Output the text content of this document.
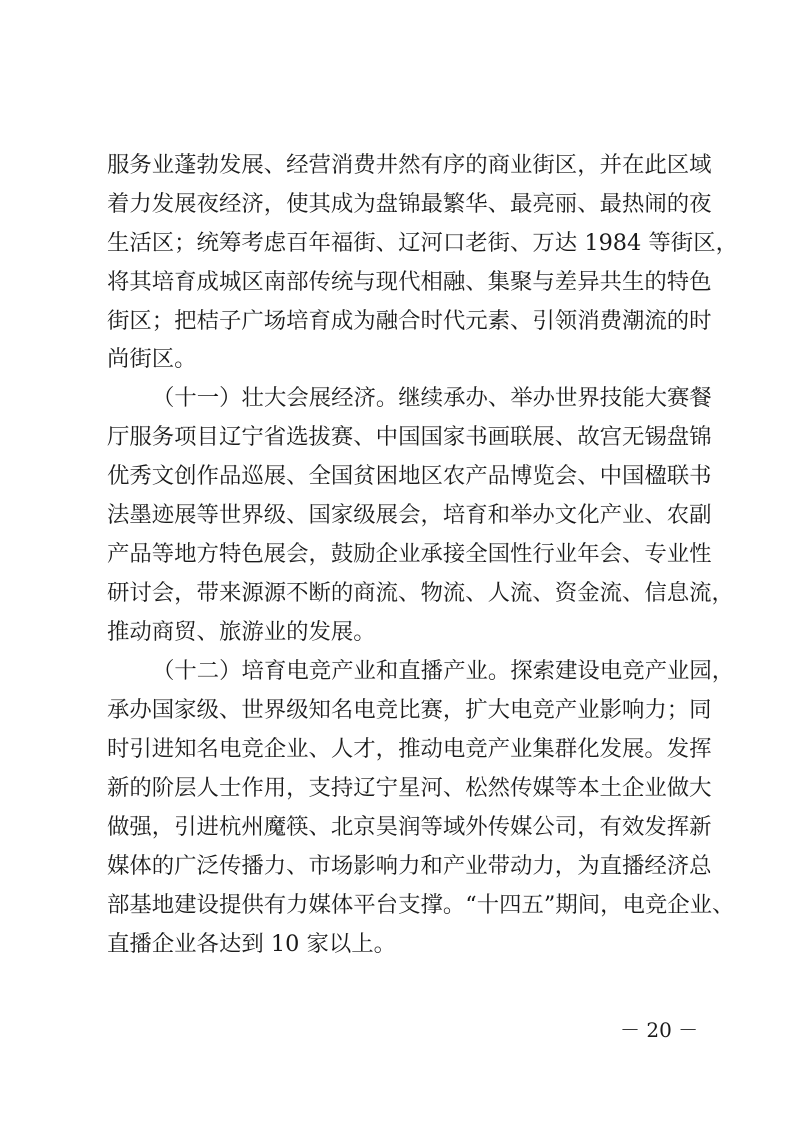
服务业蓬勃发展、经营消费井然有序的商业街区，并在此区域
着力发展夜经济，使其成为盘锦最繁华、最亮丽、最热闹的夜
生活区；统筹考虑百年福街、辽河口老街、万达 1984 等街区，
将其培育成城区南部传统与现代相融、集聚与差异共生的特色
街区；把桔子广场培育成为融合时代元素、引领消费潮流的时
尚街区。
（十一）壮大会展经济。继续承办、举办世界技能大赛餐
厅服务项目辽宁省选拔赛、中国国家书画联展、故宫无锡盘锦
优秀文创作品巡展、全国贫困地区农产品博览会、中国楹联书
法墨迹展等世界级、国家级展会，培育和举办文化产业、农副
产品等地方特色展会，鼓励企业承接全国性行业年会、专业性
研讨会，带来源源不断的商流、物流、人流、资金流、信息流，
推动商贸、旅游业的发展。
（十二）培育电竞产业和直播产业。探索建设电竞产业园，
承办国家级、世界级知名电竞比赛，扩大电竞产业影响力；同
时引进知名电竞企业、人才，推动电竞产业集群化发展。发挥
新的阶层人士作用，支持辽宁星河、松然传媒等本土企业做大
做强，引进杭州魔筷、北京昊润等域外传媒公司，有效发挥新
媒体的广泛传播力、市场影响力和产业带动力，为直播经济总
部基地建设提供有力媒体平台支撑。“十四五”期间，电竞企业、
直播企业各达到 10 家以上。
－ 20 －
